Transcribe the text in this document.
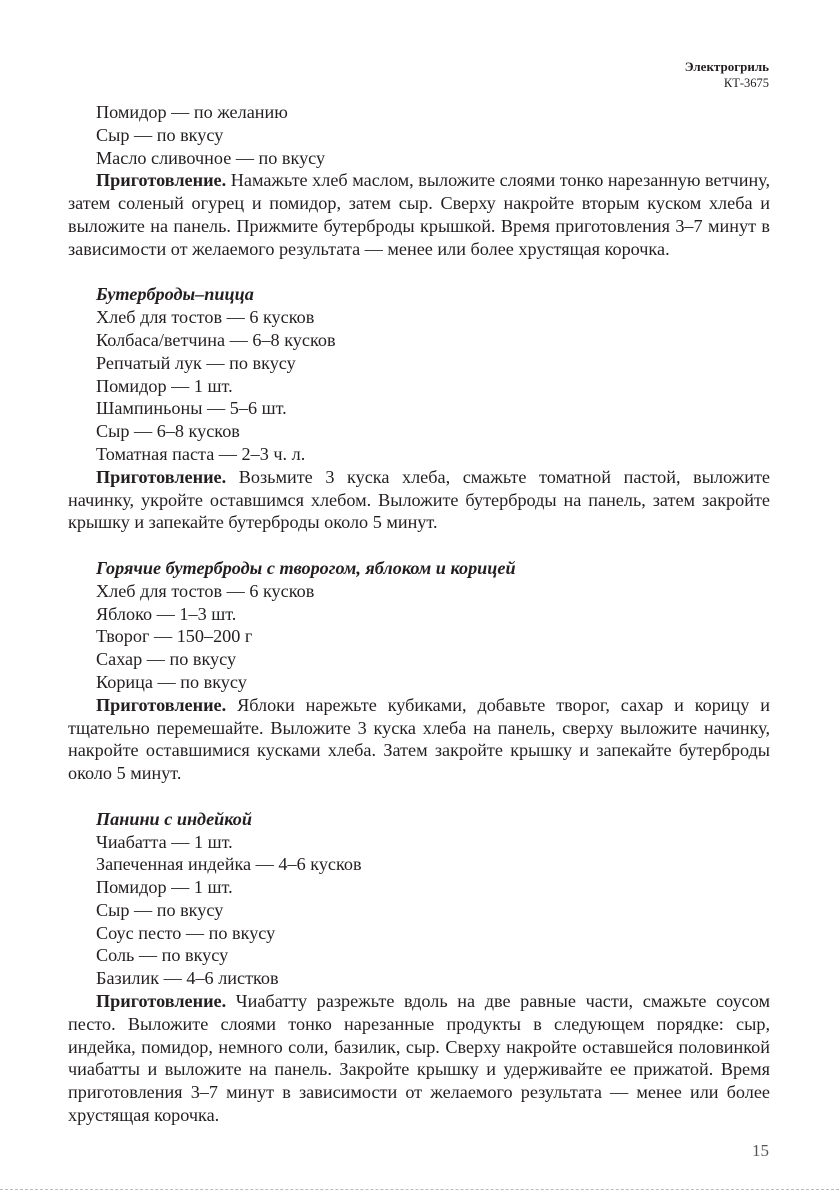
Электрогриль
КТ-3675
Помидор — по желанию
Сыр — по вкусу
Масло сливочное — по вкусу
Приготовление. Намажьте хлеб маслом, выложите слоями тонко нарезанную ветчину, затем соленый огурец и помидор, затем сыр. Сверху накройте вторым куском хлеба и выложите на панель. Прижмите бутерброды крышкой. Время приготовления 3–7 минут в зависимости от желаемого результата — менее или более хрустящая корочка.
Бутерброды–пицца
Хлеб для тостов — 6 кусков
Колбаса/ветчина — 6–8 кусков
Репчатый лук — по вкусу
Помидор — 1 шт.
Шампиньоны — 5–6 шт.
Сыр — 6–8 кусков
Томатная паста — 2–3 ч. л.
Приготовление. Возьмите 3 куска хлеба, смажьте томатной пастой, выложите начинку, укройте оставшимся хлебом. Выложите бутерброды на панель, затем закройте крышку и запекайте бутерброды около 5 минут.
Горячие бутерброды с творогом, яблоком и корицей
Хлеб для тостов — 6 кусков
Яблоко — 1–3 шт.
Творог — 150–200 г
Сахар — по вкусу
Корица — по вкусу
Приготовление. Яблоки нарежьте кубиками, добавьте творог, сахар и корицу и тщательно перемешайте. Выложите 3 куска хлеба на панель, сверху выложите начинку, накройте оставшимися кусками хлеба. Затем закройте крышку и запекайте бутерброды около 5 минут.
Панини с индейкой
Чиабатта — 1 шт.
Запеченная индейка — 4–6 кусков
Помидор — 1 шт.
Сыр — по вкусу
Соус песто — по вкусу
Соль — по вкусу
Базилик — 4–6 листков
Приготовление. Чиабатту разрежьте вдоль на две равные части, смажьте соусом песто. Выложите слоями тонко нарезанные продукты в следующем порядке: сыр, индейка, помидор, немного соли, базилик, сыр. Сверху накройте оставшейся половинкой чиабатты и выложите на панель. Закройте крышку и удерживайте ее прижатой. Время приготовления 3–7 минут в зависимости от желаемого результата — менее или более хрустящая корочка.
15
